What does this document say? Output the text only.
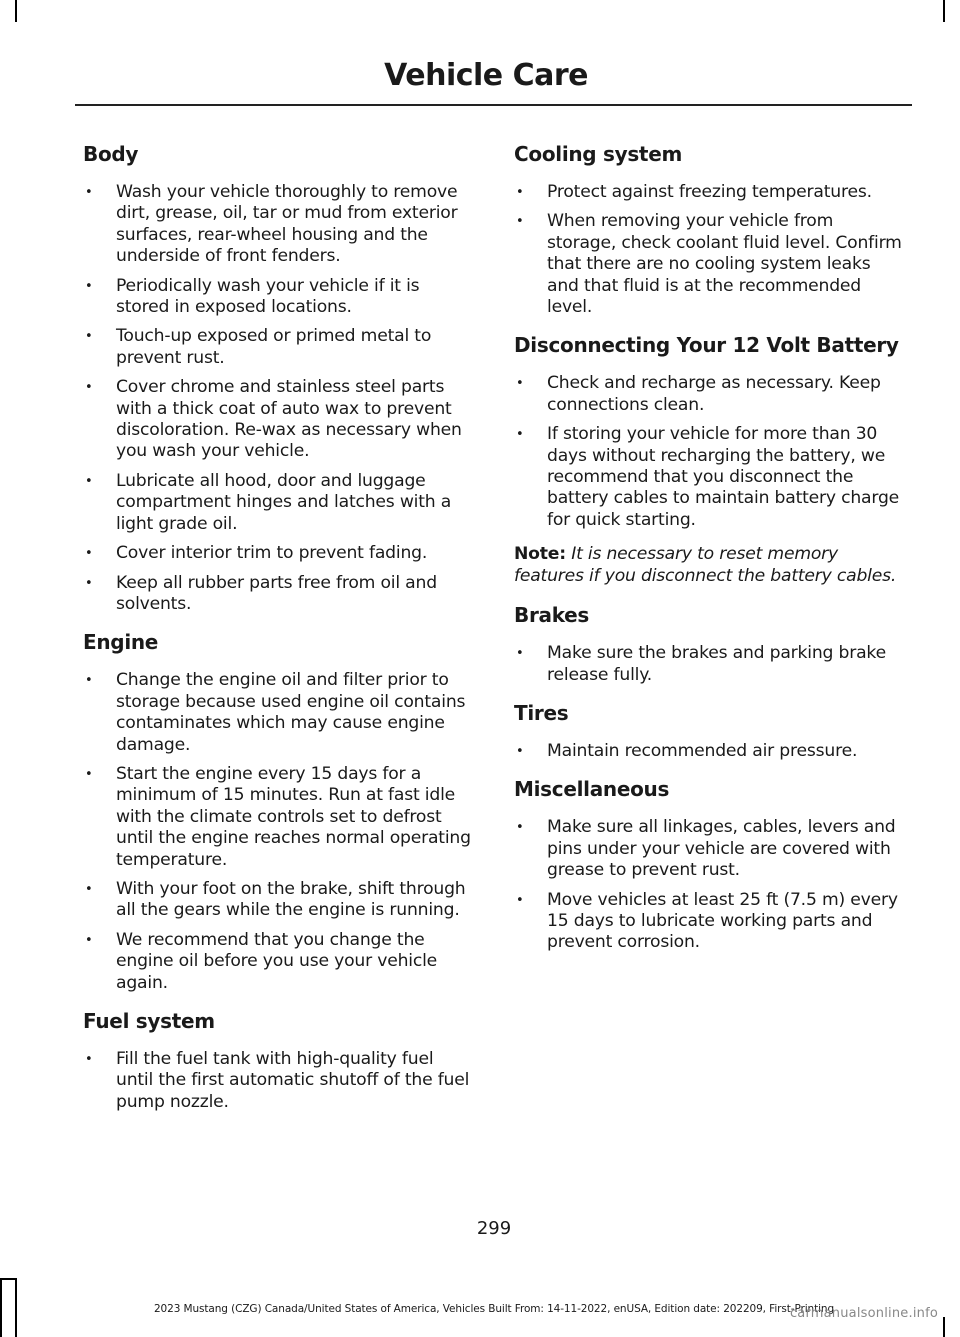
Vehicle Care
Body
• Wash your vehicle thoroughly to remove dirt, grease, oil, tar or mud from exterior surfaces, rear-wheel housing and the underside of front fenders.
• Periodically wash your vehicle if it is stored in exposed locations.
• Touch-up exposed or primed metal to prevent rust.
• Cover chrome and stainless steel parts with a thick coat of auto wax to prevent discoloration. Re-wax as necessary when you wash your vehicle.
• Lubricate all hood, door and luggage compartment hinges and latches with a light grade oil.
• Cover interior trim to prevent fading.
• Keep all rubber parts free from oil and solvents.
Engine
• Change the engine oil and filter prior to storage because used engine oil contains contaminates which may cause engine damage.
• Start the engine every 15 days for a minimum of 15 minutes. Run at fast idle with the climate controls set to defrost until the engine reaches normal operating temperature.
• With your foot on the brake, shift through all the gears while the engine is running.
• We recommend that you change the engine oil before you use your vehicle again.
Fuel system
• Fill the fuel tank with high-quality fuel until the first automatic shutoff of the fuel pump nozzle.
Cooling system
• Protect against freezing temperatures.
• When removing your vehicle from storage, check coolant fluid level. Confirm that there are no cooling system leaks and that fluid is at the recommended level.
Disconnecting Your 12 Volt Battery
• Check and recharge as necessary. Keep connections clean.
• If storing your vehicle for more than 30 days without recharging the battery, we recommend that you disconnect the battery cables to maintain battery charge for quick starting.

Note: It is necessary to reset memory features if you disconnect the battery cables.

Brakes
• Make sure the brakes and parking brake release fully.
Tires
• Maintain recommended air pressure.
Miscellaneous
• Make sure all linkages, cables, levers and pins under your vehicle are covered with grease to prevent rust.
• Move vehicles at least 25 ft (7.5 m) every 15 days to lubricate working parts and prevent corrosion.
299
2023 Mustang (CZG) Canada/United States of America, Vehicles Built From: 14-11-2022, enUSA, Edition date: 202209, First-Printing
carmanualsonline.info
